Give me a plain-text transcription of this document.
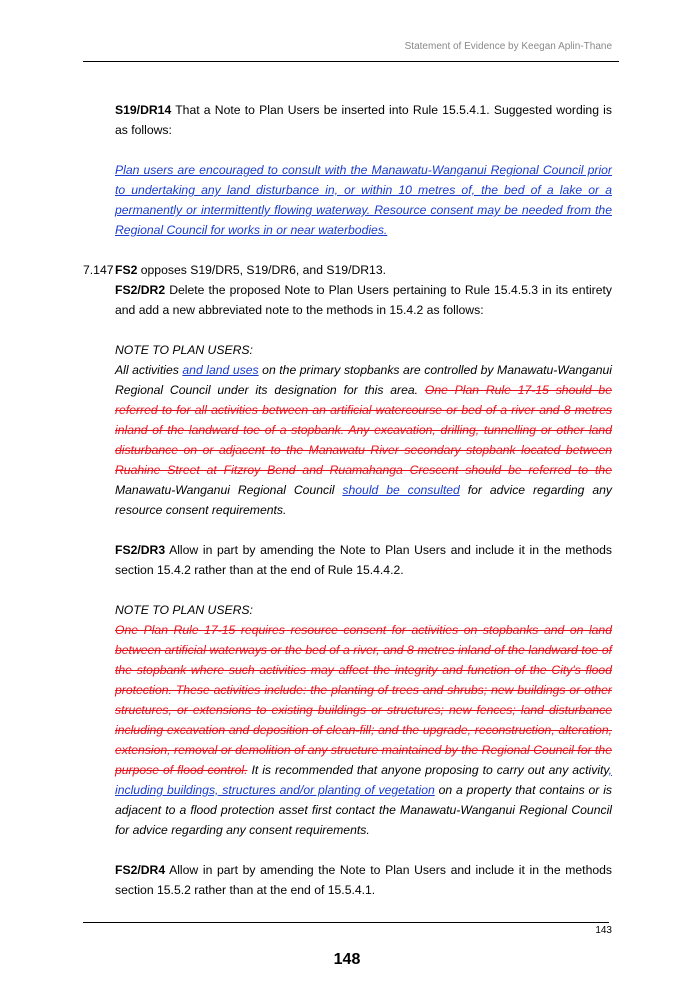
Statement of Evidence by Keegan Aplin-Thane

S19/DR14 That a Note to Plan Users be inserted into Rule 15.5.4.1. Suggested wording is as follows:

Plan users are encouraged to consult with the Manawatu-Wanganui Regional Council prior to undertaking any land disturbance in, or within 10 metres of, the bed of a lake or a permanently or intermittently flowing waterway. Resource consent may be needed from the Regional Council for works in or near waterbodies.

7.147 FS2 opposes S19/DR5, S19/DR6, and S19/DR13.

FS2/DR2 Delete the proposed Note to Plan Users pertaining to Rule 15.4.5.3 in its entirety and add a new abbreviated note to the methods in 15.4.2 as follows:

NOTE TO PLAN USERS:

All activities and land uses on the primary stopbanks are controlled by Manawatu-Wanganui Regional Council under its designation for this area. One Plan Rule 17-15 should be referred to for all activities between an artificial watercourse or bed of a river and 8 metres inland of the landward toe of a stopbank. Any excavation, drilling, tunnelling or other land disturbance on or adjacent to the Manawatu River secondary stopbank located between Ruahine Street at Fitzroy Bend and Ruamahanga Crescent should be referred to the Manawatu-Wanganui Regional Council should be consulted for advice regarding any resource consent requirements.

FS2/DR3 Allow in part by amending the Note to Plan Users and include it in the methods section 15.4.2 rather than at the end of Rule 15.4.4.2.

NOTE TO PLAN USERS:

One Plan Rule 17-15 requires resource consent for activities on stopbanks and on land between artificial waterways or the bed of a river, and 8 metres inland of the landward toe of the stopbank where such activities may affect the integrity and function of the City's flood protection. These activities include: the planting of trees and shrubs; new buildings or other structures, or extensions to existing buildings or structures; new fences; land disturbance including excavation and deposition of clean-fill; and the upgrade, reconstruction, alteration, extension, removal or demolition of any structure maintained by the Regional Council for the purpose of flood control. It is recommended that anyone proposing to carry out any activity, including buildings, structures and/or planting of vegetation on a property that contains or is adjacent to a flood protection asset first contact the Manawatu-Wanganui Regional Council for advice regarding any consent requirements.

FS2/DR4 Allow in part by amending the Note to Plan Users and include it in the methods section 15.5.2 rather than at the end of 15.5.4.1.

143
148
